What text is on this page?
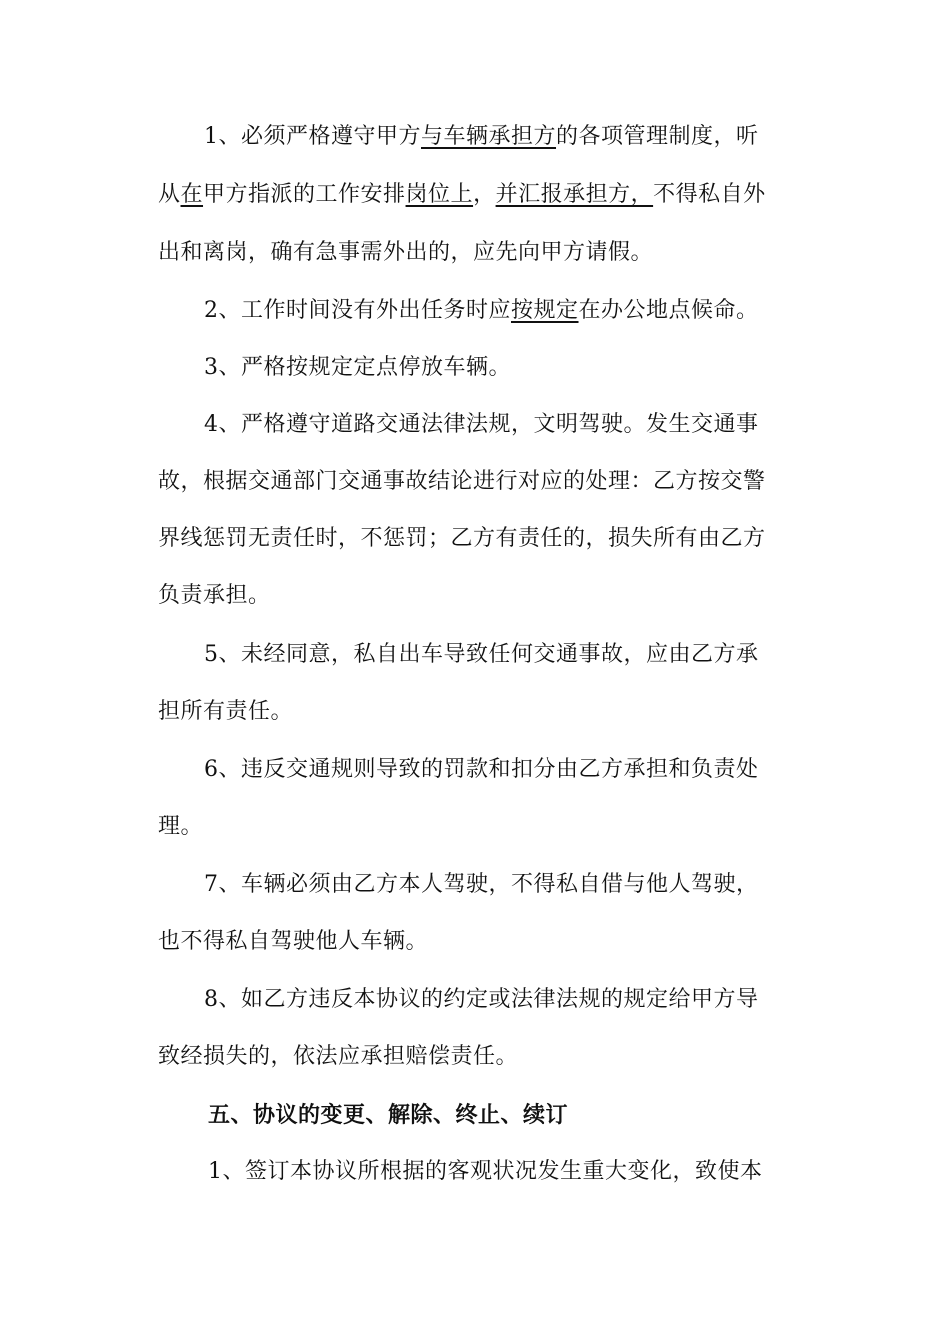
1、必须严格遵守甲方与车辆承担方的各项管理制度，听
从在甲方指派的工作安排岗位上，并汇报承担方，不得私自外
出和离岗，确有急事需外出的，应先向甲方请假。
2、工作时间没有外出任务时应按规定在办公地点候命。
3、严格按规定定点停放车辆。
4、严格遵守道路交通法律法规，文明驾驶。发生交通事
故，根据交通部门交通事故结论进行对应的处理：乙方按交警
界线惩罚无责任时，不惩罚；乙方有责任的，损失所有由乙方
负责承担。
5、未经同意，私自出车导致任何交通事故，应由乙方承
担所有责任。
6、违反交通规则导致的罚款和扣分由乙方承担和负责处
理。
7、车辆必须由乙方本人驾驶，不得私自借与他人驾驶，
也不得私自驾驶他人车辆。
8、如乙方违反本协议的约定或法律法规的规定给甲方导
致经损失的，依法应承担赔偿责任。
五、协议的变更、解除、终止、续订
1、签订本协议所根据的客观状况发生重大变化，致使本
